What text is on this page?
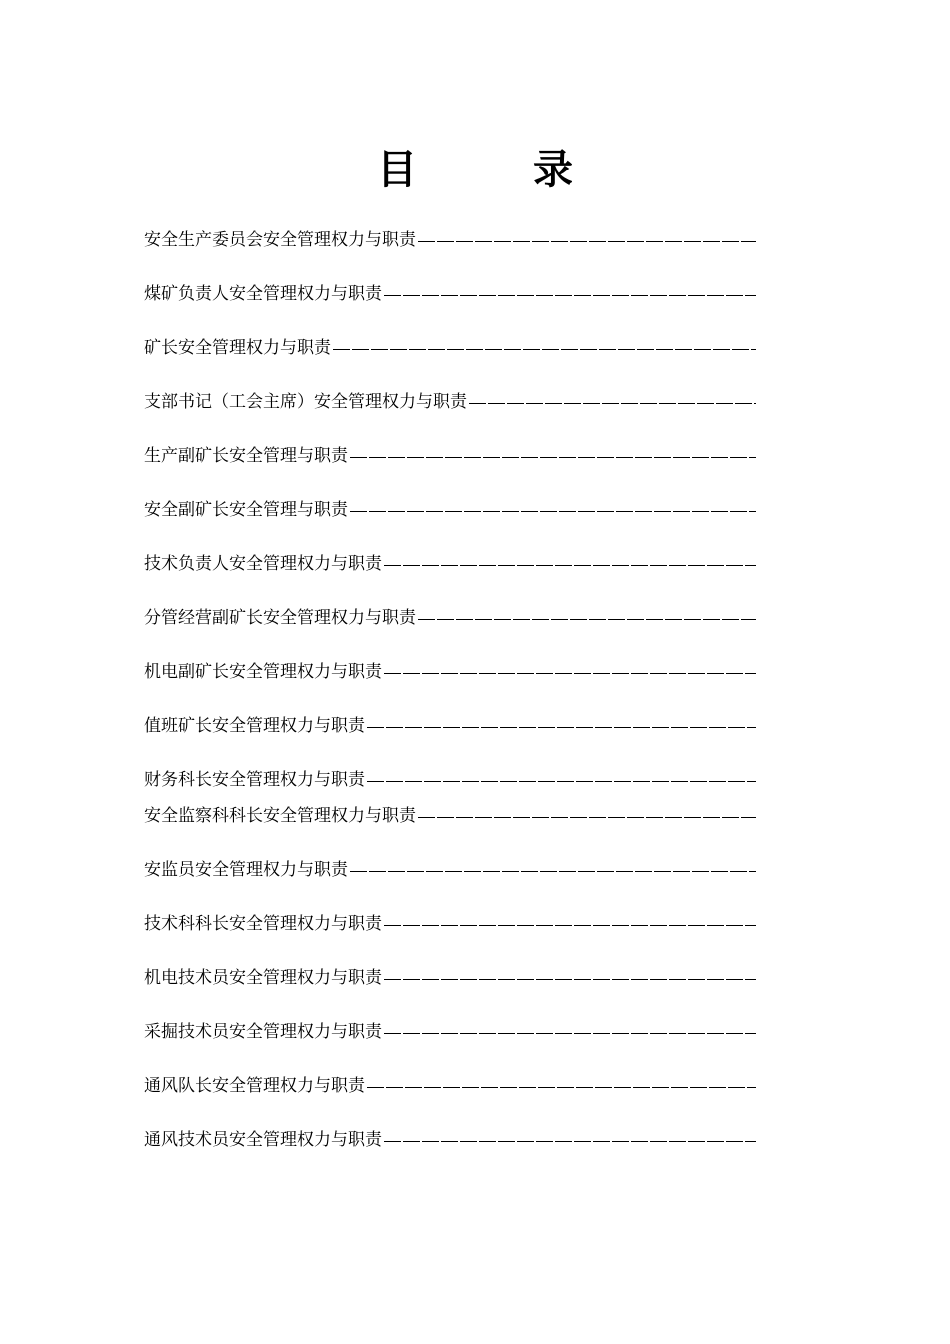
目　录
安全生产委员会安全管理权力与职责
煤矿负责人安全管理权力与职责
矿长安全管理权力与职责
支部书记（工会主席）安全管理权力与职责
生产副矿长安全管理与职责
安全副矿长安全管理与职责
技术负责人安全管理权力与职责
分管经营副矿长安全管理权力与职责
机电副矿长安全管理权力与职责
值班矿长安全管理权力与职责
财务科长安全管理权力与职责
安全监察科科长安全管理权力与职责
安监员安全管理权力与职责
技术科科长安全管理权力与职责
机电技术员安全管理权力与职责
采掘技术员安全管理权力与职责
通风队长安全管理权力与职责
通风技术员安全管理权力与职责
